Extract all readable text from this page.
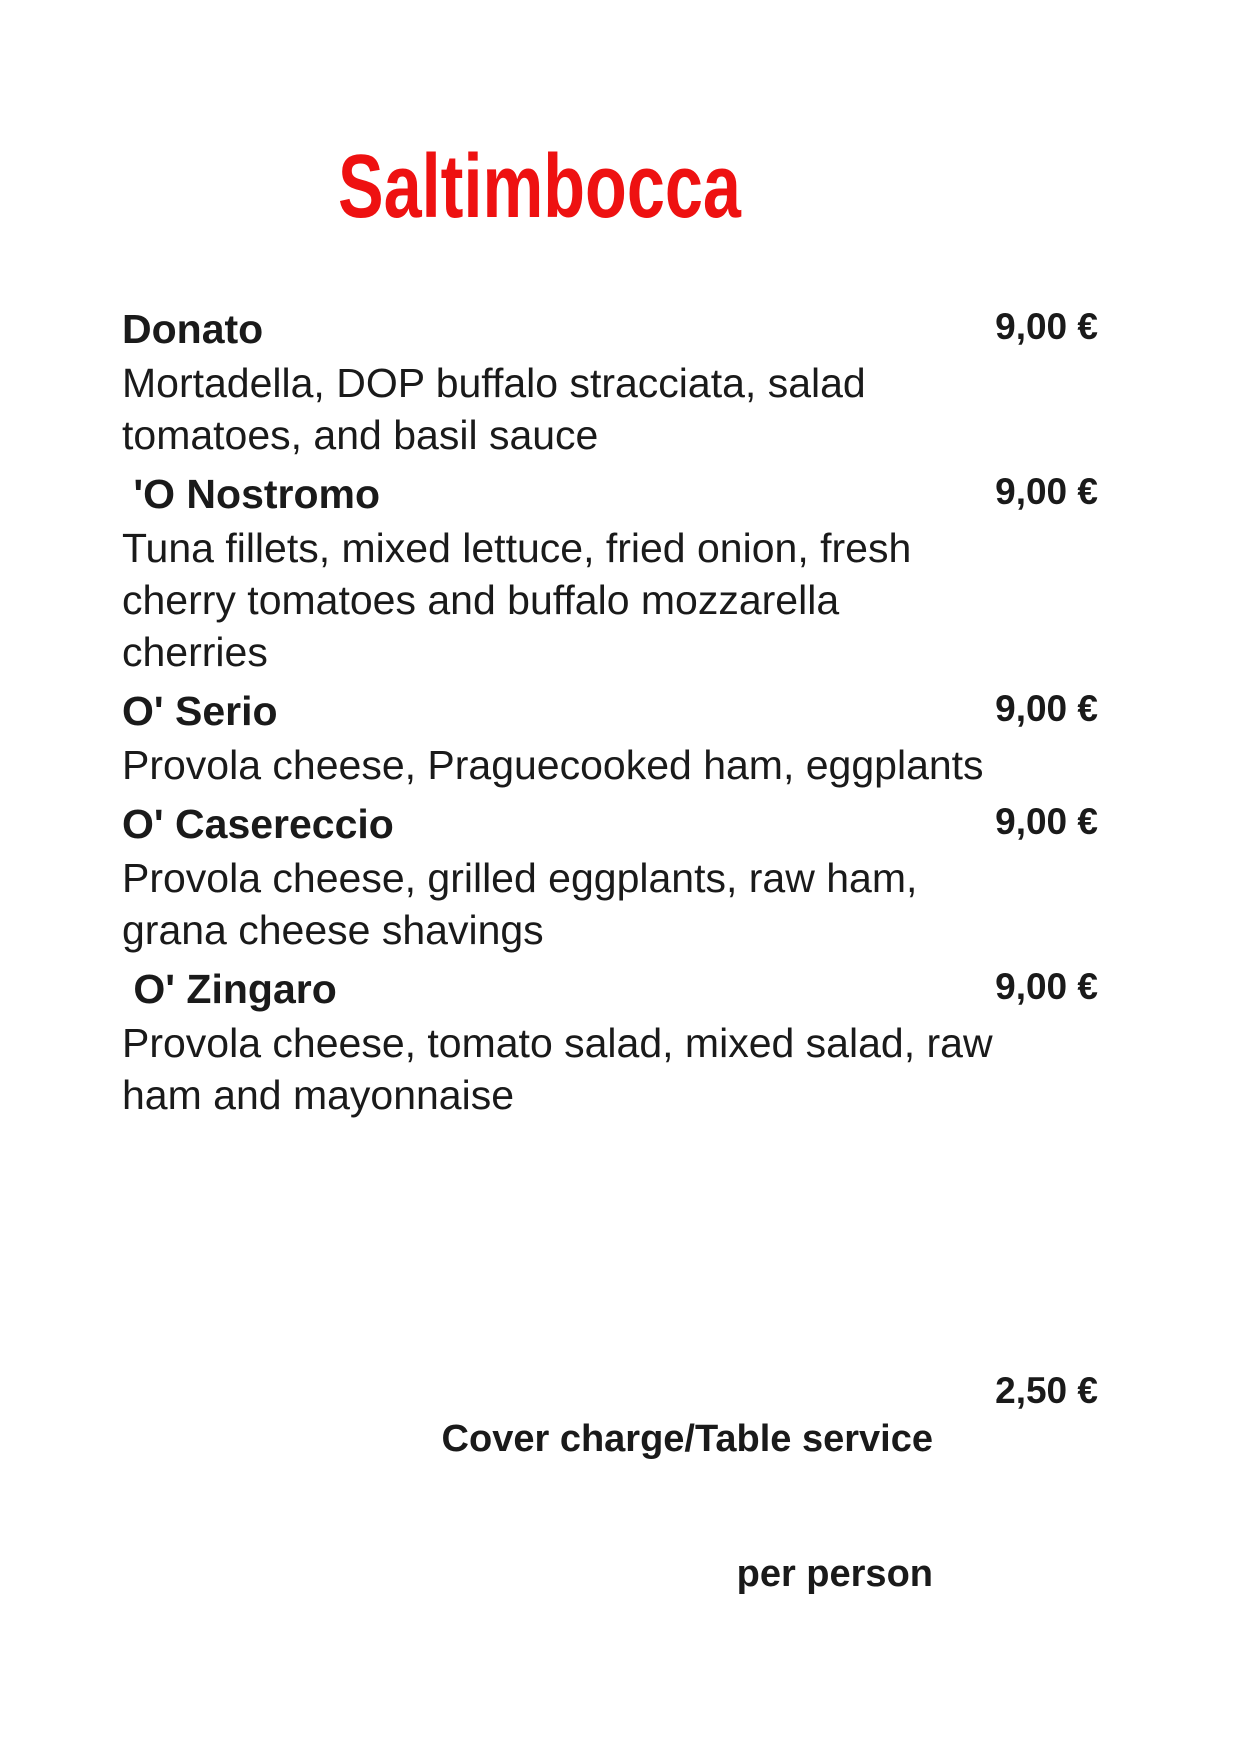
Saltimbocca
Donato	9,00 €
Mortadella, DOP buffalo stracciata, salad
tomatoes, and basil sauce
'O Nostromo	9,00 €
Tuna fillets, mixed lettuce, fried onion, fresh
cherry tomatoes and buffalo mozzarella
cherries
O' Serio	9,00 €
Provola cheese, Praguecooked ham, eggplants
O' Casereccio	9,00 €
Provola cheese, grilled eggplants, raw ham,
grana cheese shavings
O' Zingaro	9,00 €
Provola cheese, tomato salad, mixed salad, raw
ham and mayonnaise

Cover charge/Table service

per person

2,50 €
